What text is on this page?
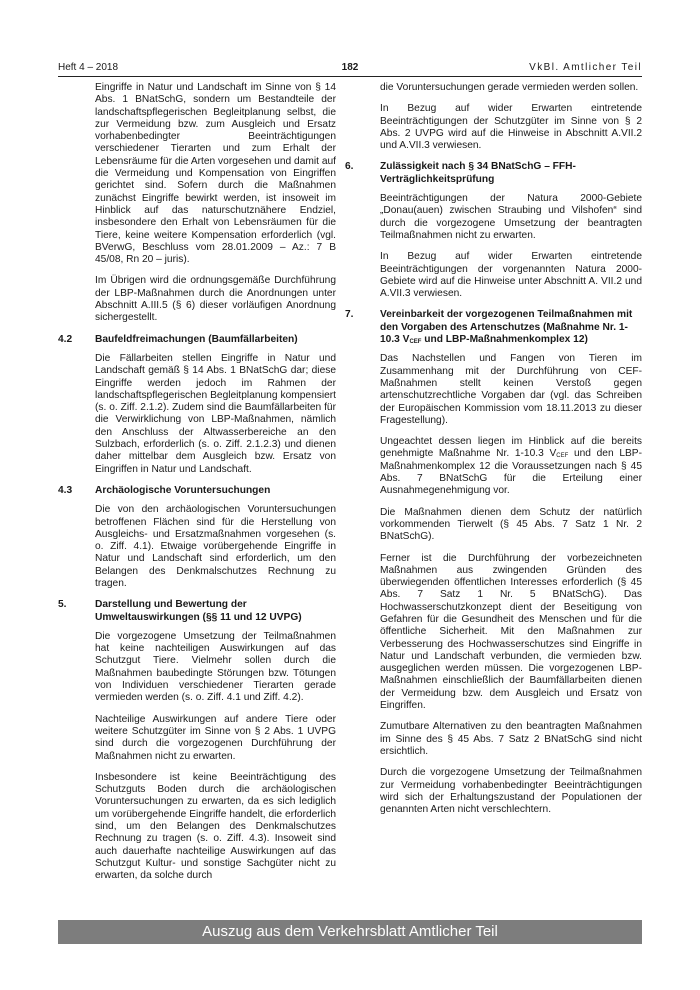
Heft 4 – 2018	182	VkBl. Amtlicher Teil

Eingriffe in Natur und Landschaft im Sinne von § 14 Abs. 1 BNatSchG, sondern um Bestandteile der landschaftspflegerischen Begleitplanung selbst, die zur Vermeidung bzw. zum Ausgleich und Ersatz vorhabenbedingter Beeinträchtigungen verschiedener Tierarten und zum Erhalt der Lebensräume für die Arten vorgesehen und damit auf die Vermeidung und Kompensation von Eingriffen gerichtet sind. Sofern durch die Maßnahmen zunächst Eingriffe bewirkt werden, ist insoweit im Hinblick auf das naturschutznähere Endziel, insbesondere den Erhalt von Lebensräumen für die Tiere, keine weitere Kompensation erforderlich (vgl. BVerwG, Beschluss vom 28.01.2009 – Az.: 7 B 45/08, Rn 20 – juris).

Im Übrigen wird die ordnungsgemäße Durchführung der LBP-Maßnahmen durch die Anordnungen unter Abschnitt A.III.5 (§ 6) dieser vorläufigen Anordnung sichergestellt.

4.2	Baufeldfreimachungen (Baumfällarbeiten)

Die Fällarbeiten stellen Eingriffe in Natur und Landschaft gemäß § 14 Abs. 1 BNatSchG dar; diese Eingriffe werden jedoch im Rahmen der landschaftspflegerischen Begleitplanung kompensiert (s. o. Ziff. 2.1.2). Zudem sind die Baumfällarbeiten für die Verwirklichung von LBP-Maßnahmen, nämlich den Anschluss der Altwasserbereiche an den Sulzbach, erforderlich (s. o. Ziff. 2.1.2.3) und dienen daher mittelbar dem Ausgleich bzw. Ersatz von Eingriffen in Natur und Landschaft.

4.3	Archäologische Voruntersuchungen

Die von den archäologischen Voruntersuchungen betroffenen Flächen sind für die Herstellung von Ausgleichs- und Ersatzmaßnahmen vorgesehen (s. o. Ziff. 4.1). Etwaige vorübergehende Eingriffe in Natur und Landschaft sind erforderlich, um den Belangen des Denkmalschutzes Rechnung zu tragen.

5.	Darstellung und Bewertung der Umweltauswirkungen (§§ 11 und 12 UVPG)

Die vorgezogene Umsetzung der Teilmaßnahmen hat keine nachteiligen Auswirkungen auf das Schutzgut Tiere. Vielmehr sollen durch die Maßnahmen baubedingte Störungen bzw. Tötungen von Individuen verschiedener Tierarten gerade vermieden werden (s. o. Ziff. 4.1 und Ziff. 4.2).

Nachteilige Auswirkungen auf andere Tiere oder weitere Schutzgüter im Sinne von § 2 Abs. 1 UVPG sind durch die vorgezogenen Durchführung der Maßnahmen nicht zu erwarten.

Insbesondere ist keine Beeinträchtigung des Schutzguts Boden durch die archäologischen Voruntersuchungen zu erwarten, da es sich lediglich um vorübergehende Eingriffe handelt, die erforderlich sind, um den Belangen des Denkmalschutzes Rechnung zu tragen (s. o. Ziff. 4.3). Insoweit sind auch dauerhafte nachteilige Auswirkungen auf das Schutzgut Kultur- und sonstige Sachgüter nicht zu erwarten, da solche durch

die Voruntersuchungen gerade vermieden werden sollen.

In Bezug auf wider Erwarten eintretende Beeinträchtigungen der Schutzgüter im Sinne von § 2 Abs. 2 UVPG wird auf die Hinweise in Abschnitt A.VII.2 und A.VII.3 verwiesen.

6.	Zulässigkeit nach § 34 BNatSchG – FFH-Verträglichkeitsprüfung

Beeinträchtigungen der Natura 2000-Gebiete „Donau(auen) zwischen Straubing und Vilshofen“ sind durch die vorgezogene Umsetzung der beantragten Teilmaßnahmen nicht zu erwarten.

In Bezug auf wider Erwarten eintretende Beeinträchtigungen der vorgenannten Natura 2000-Gebiete wird auf die Hinweise unter Abschnitt A. VII.2 und A.VII.3 verwiesen.

7.	Vereinbarkeit der vorgezogenen Teilmaßnahmen mit den Vorgaben des Artenschutzes (Maßnahme Nr. 1-10.3 $V_{CEF}$ und LBP-Maßnahmenkomplex 12)

Das Nachstellen und Fangen von Tieren im Zusammenhang mit der Durchführung von CEF-Maßnahmen stellt keinen Verstoß gegen artenschutzrechtliche Vorgaben dar (vgl. das Schreiben der Europäischen Kommission vom 18.11.2013 zu dieser Fragestellung).

Ungeachtet dessen liegen im Hinblick auf die bereits genehmigte Maßnahme Nr. 1-10.3 $V_{CEF}$ und den LBP-Maßnahmenkomplex 12 die Voraussetzungen nach § 45 Abs. 7 BNatSchG für die Erteilung einer Ausnahmegenehmigung vor.

Die Maßnahmen dienen dem Schutz der natürlich vorkommenden Tierwelt (§ 45 Abs. 7 Satz 1 Nr. 2 BNatSchG).

Ferner ist die Durchführung der vorbezeichneten Maßnahmen aus zwingenden Gründen des überwiegenden öffentlichen Interesses erforderlich (§ 45 Abs. 7 Satz 1 Nr. 5 BNatSchG). Das Hochwasserschutzkonzept dient der Beseitigung von Gefahren für die Gesundheit des Menschen und für die öffentliche Sicherheit. Mit den Maßnahmen zur Verbesserung des Hochwasserschutzes sind Eingriffe in Natur und Landschaft verbunden, die vermieden bzw. ausgeglichen werden müssen. Die vorgezogenen LBP-Maßnahmen einschließlich der Baumfällarbeiten dienen der Vermeidung bzw. dem Ausgleich und Ersatz von Eingriffen.

Zumutbare Alternativen zu den beantragten Maßnahmen im Sinne des § 45 Abs. 7 Satz 2 BNatSchG sind nicht ersichtlich.

Durch die vorgezogene Umsetzung der Teilmaßnahmen zur Vermeidung vorhabenbedingter Beeinträchtigungen wird sich der Erhaltungszustand der Populationen der genannten Arten nicht verschlechtern.

Auszug aus dem Verkehrsblatt Amtlicher Teil
